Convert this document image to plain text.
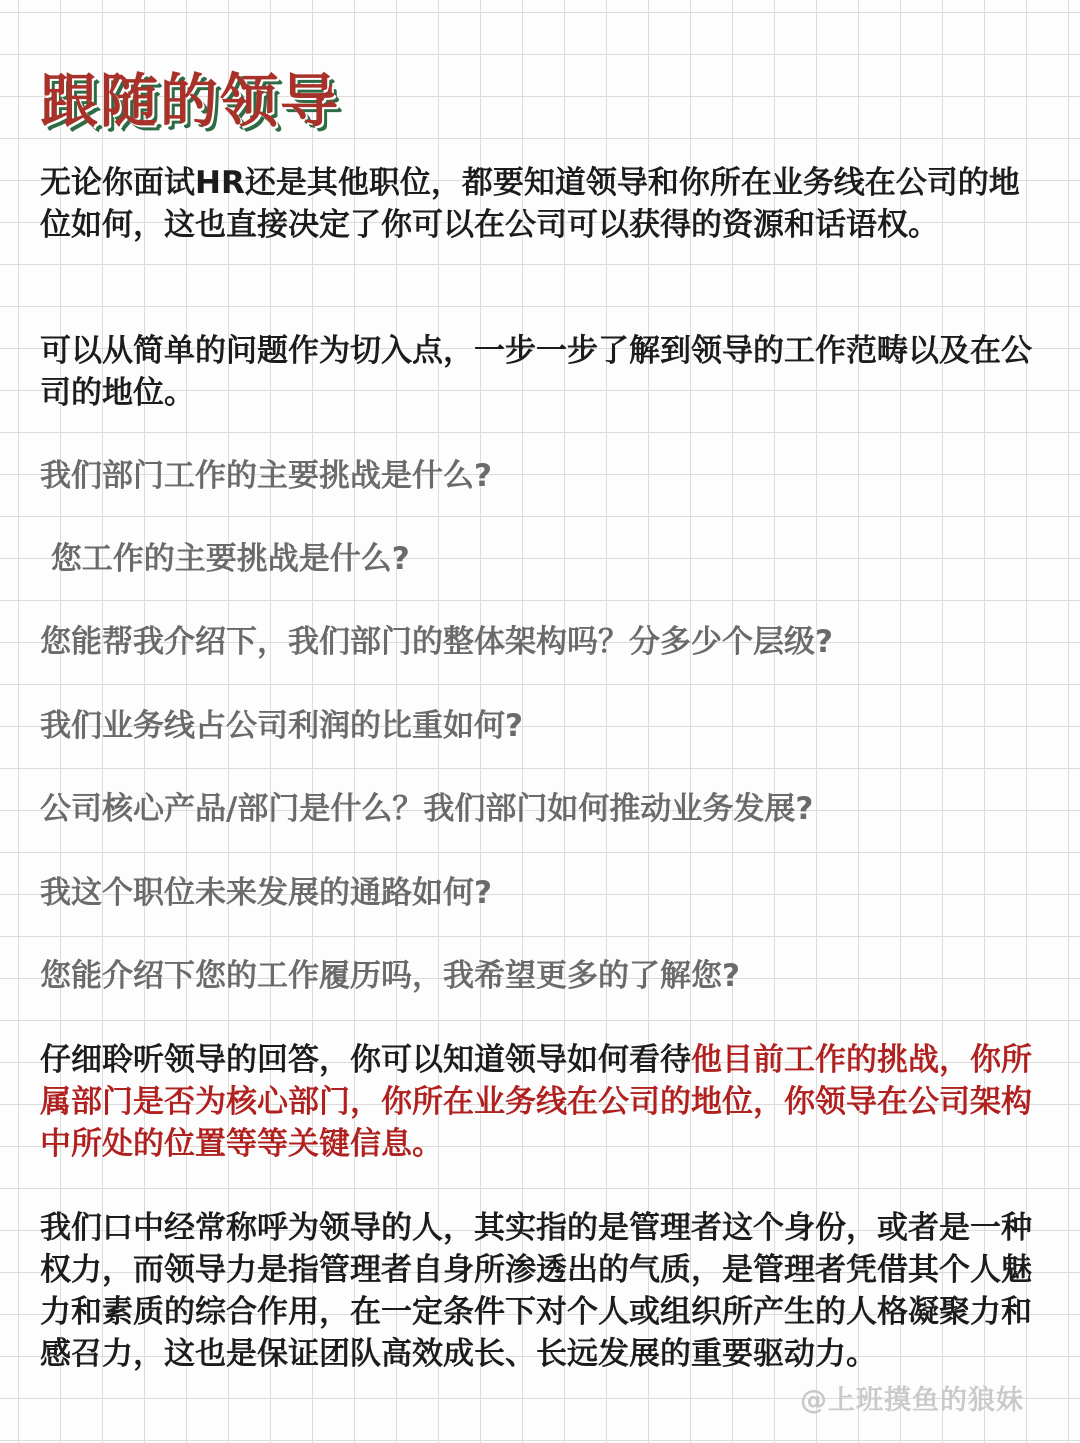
跟随的领导

无论你面试HR还是其他职位，都要知道领导和你所在业务线在公司的地位如何，这也直接决定了你可以在公司可以获得的资源和话语权。

可以从简单的问题作为切入点，一步一步了解到领导的工作范畴以及在公司的地位。

我们部门工作的主要挑战是什么?

您工作的主要挑战是什么?

您能帮我介绍下，我们部门的整体架构吗？分多少个层级?

我们业务线占公司利润的比重如何?

公司核心产品/部门是什么？我们部门如何推动业务发展?

我这个职位未来发展的通路如何?

您能介绍下您的工作履历吗，我希望更多的了解您?

仔细聆听领导的回答，你可以知道领导如何看待他目前工作的挑战，你所属部门是否为核心部门，你所在业务线在公司的地位，你领导在公司架构中所处的位置等等关键信息。

我们口中经常称呼为领导的人，其实指的是管理者这个身份，或者是一种权力，而领导力是指管理者自身所渗透出的气质，是管理者凭借其个人魅力和素质的综合作用，在一定条件下对个人或组织所产生的人格凝聚力和感召力，这也是保证团队高效成长、长远发展的重要驱动力。

@上班摸鱼的狼妹
